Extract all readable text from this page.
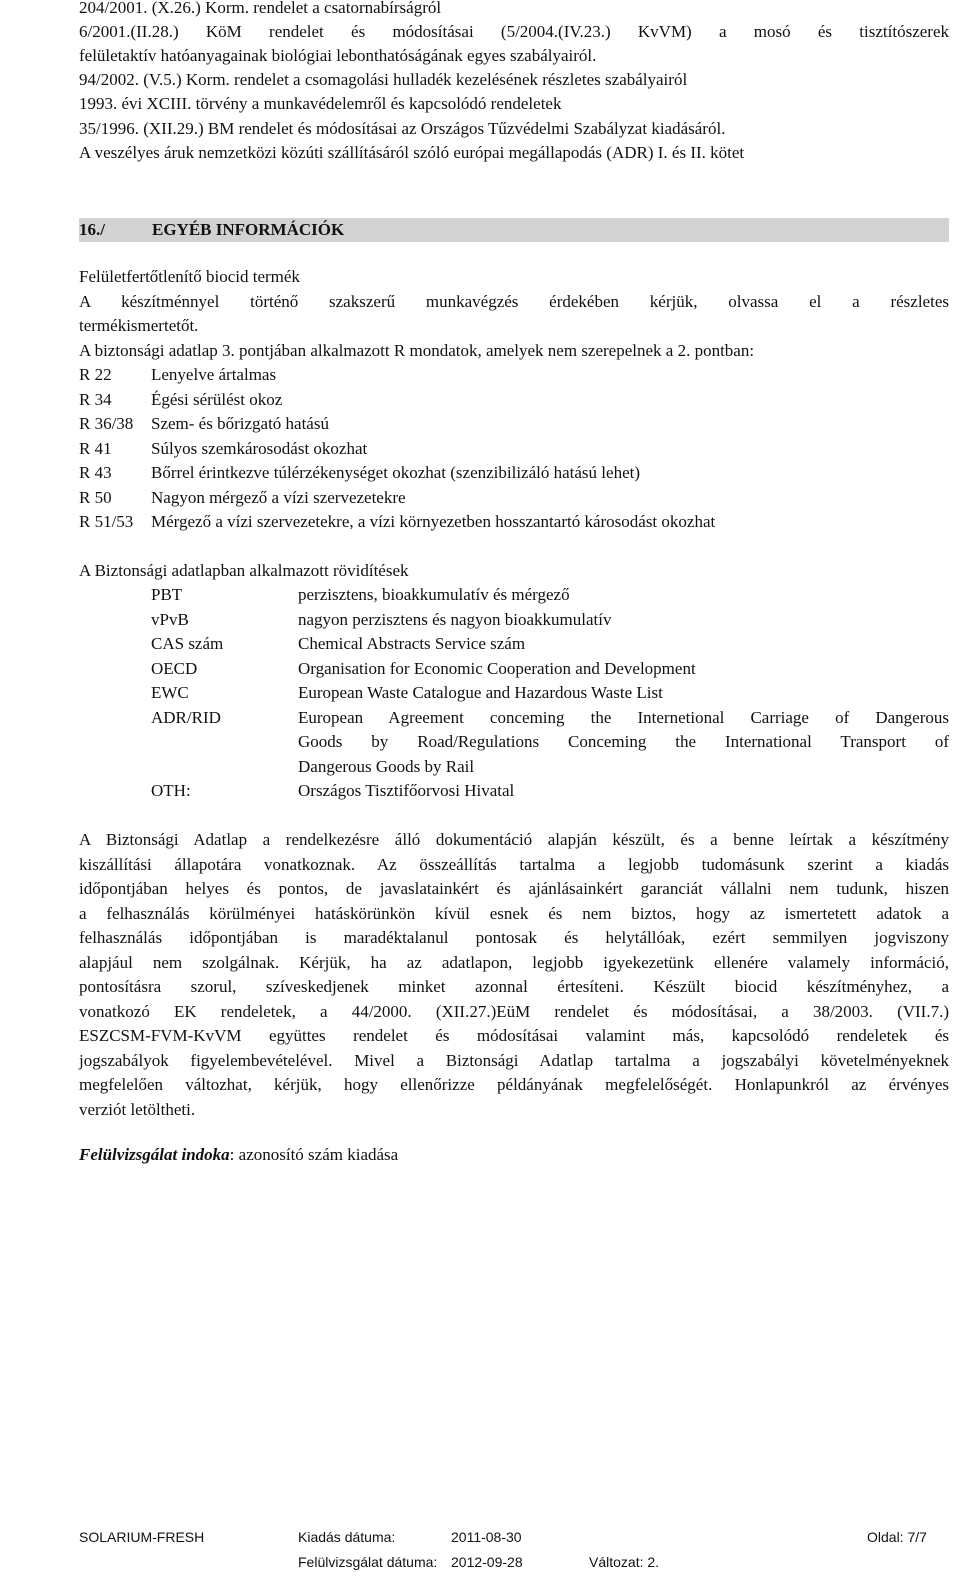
204/2001. (X.26.) Korm. rendelet a csatornabírságról
6/2001.(II.28.) KöM rendelet és módosításai (5/2004.(IV.23.) KvVM) a mosó és tisztítószerek
felületaktív hatóanyagainak biológiai lebonthatóságának egyes szabályairól.
94/2002. (V.5.) Korm. rendelet a csomagolási hulladék kezelésének részletes szabályairól
1993. évi XCIII. törvény a munkavédelemről és kapcsolódó rendeletek
35/1996. (XII.29.) BM rendelet és módosításai az Országos Tűzvédelmi Szabályzat kiadásáról.
A veszélyes áruk nemzetközi közúti szállításáról szóló európai megállapodás (ADR) I. és II. kötet
16./	EGYÉB INFORMÁCIÓK
Felületfertőtlenítő biocid termék
A készítménnyel történő szakszerű munkavégzés érdekében kérjük, olvassa el a részletes
termékismertetőt.
A biztonsági adatlap 3. pontjában alkalmazott R mondatok, amelyek nem szerepelnek a 2. pontban:
R 22 Lenyelve ártalmas
R 34 Égési sérülést okoz
R 36/38 Szem- és bőrizgató hatású
R 41 Súlyos szemkárosodást okozhat
R 43 Bőrrel érintkezve túlérzékenységet okozhat (szenzibilizáló hatású lehet)
R 50 Nagyon mérgező a vízi szervezetekre
R 51/53 Mérgező a vízi szervezetekre, a vízi környezetben hosszantartó károsodást okozhat
A Biztonsági adatlapban alkalmazott rövidítések
PBT	perzisztens, bioakkumulatív és mérgező
vPvB	nagyon perzisztens és nagyon bioakkumulatív
CAS szám	Chemical Abstracts Service szám
OECD	Organisation for Economic Cooperation and Development
EWC	European Waste Catalogue and Hazardous Waste List
ADR/RID	European Agreement conceming the Internetional Carriage of Dangerous
Goods by Road/Regulations Conceming the International Transport of
Dangerous Goods by Rail
OTH:	Országos Tisztifőorvosi Hivatal
A Biztonsági Adatlap a rendelkezésre álló dokumentáció alapján készült, és a benne leírtak a készítmény
kiszállítási állapotára vonatkoznak. Az összeállítás tartalma a legjobb tudomásunk szerint a kiadás
időpontjában helyes és pontos, de javaslatainkért és ajánlásainkért garanciát vállalni nem tudunk, hiszen
a felhasználás körülményei hatáskörünkön kívül esnek és nem biztos, hogy az ismertetett adatok a
felhasználás időpontjában is maradéktalanul pontosak és helytállóak, ezért semmilyen jogviszony
alapjául nem szolgálnak. Kérjük, ha az adatlapon, legjobb igyekezetünk ellenére valamely információ,
pontosításra szorul, szíveskedjenek minket azonnal értesíteni. Készült biocid készítményhez, a
vonatkozó EK rendeletek, a 44/2000. (XII.27.)EüM rendelet és módosításai, a 38/2003. (VII.7.)
ESZCSM-FVM-KvVM együttes rendelet és módosításai valamint más, kapcsolódó rendeletek és
jogszabályok figyelembevételével. Mivel a Biztonsági Adatlap tartalma a jogszabályi követelményeknek
megfelelően változhat, kérjük, hogy ellenőrizze példányának megfelelőségét. Honlapunkról az érvényes
verziót letöltheti.
Felülvizsgálat indoka: azonosító szám kiadása
SOLARIUM-FRESH	Kiadás dátuma:	2011-08-30	Oldal: 7/7
Felülvizsgálat dátuma: 2012-09-28	Változat: 2.
